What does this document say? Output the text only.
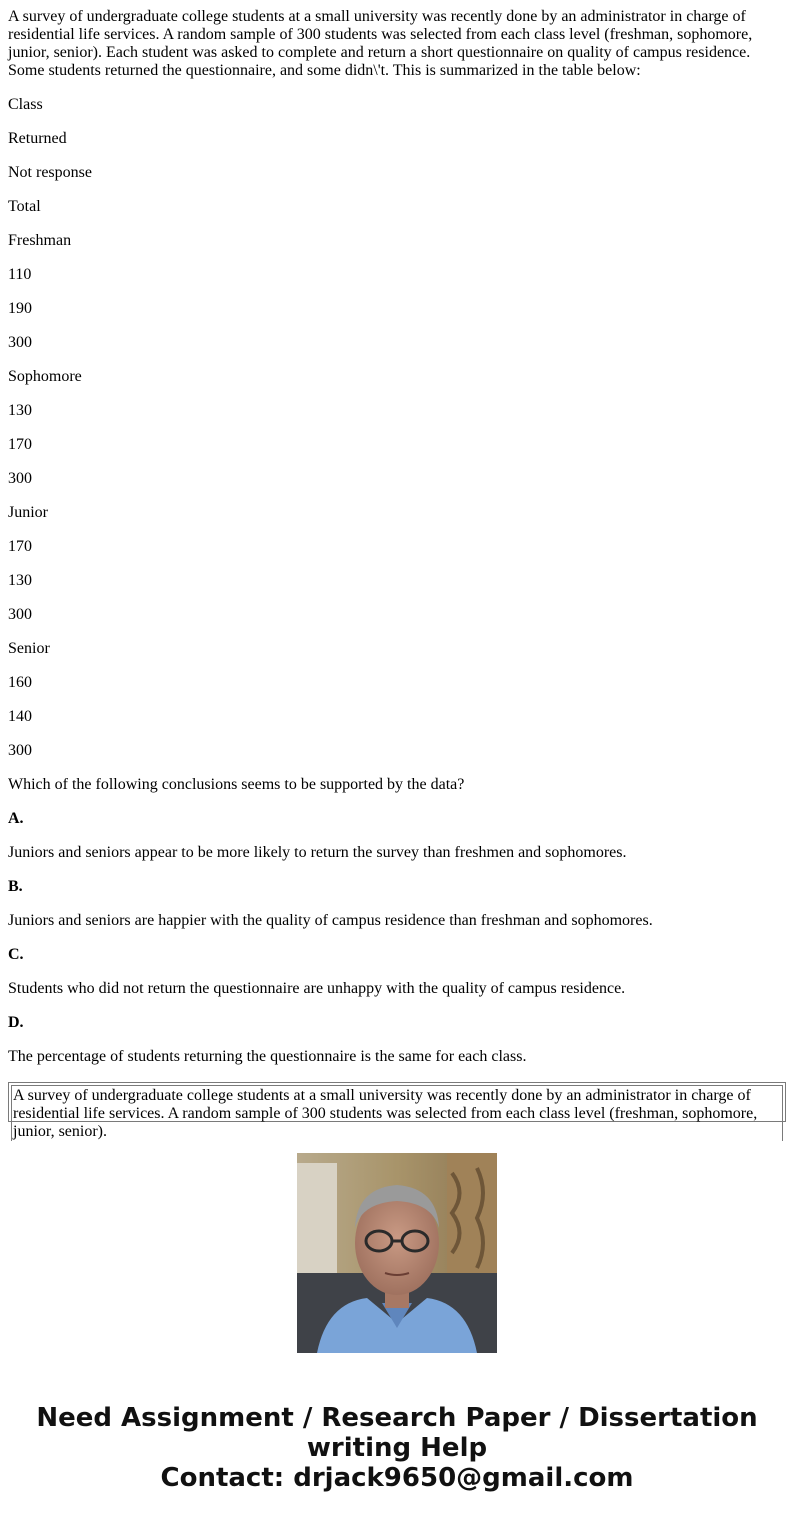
A survey of undergraduate college students at a small university was recently done by an administrator in charge of residential life services. A random sample of 300 students was selected from each class level (freshman, sophomore, junior, senior). Each student was asked to complete and return a short questionnaire on quality of campus residence. Some students returned the questionnaire, and some didn\'t. This is summarized in the table below:

Class

Returned

Not response

Total

Freshman

110

190

300

Sophomore

130

170

300

Junior

170

130

300

Senior

160

140

300

Which of the following conclusions seems to be supported by the data?

A.

Juniors and seniors appear to be more likely to return the survey than freshmen and sophomores.

B.

Juniors and seniors are happier with the quality of campus residence than freshman and sophomores.

C.

Students who did not return the questionnaire are unhappy with the quality of campus residence.

D.

The percentage of students returning the questionnaire is the same for each class.

A survey of undergraduate college students at a small university was recently done by an administrator in charge of residential life services. A random sample of 300 students was selected from each class level (freshman, sophomore, junior, senior).
Need Assignment / Research Paper / Dissertation
writing Help
Contact: drjack9650@gmail.com
